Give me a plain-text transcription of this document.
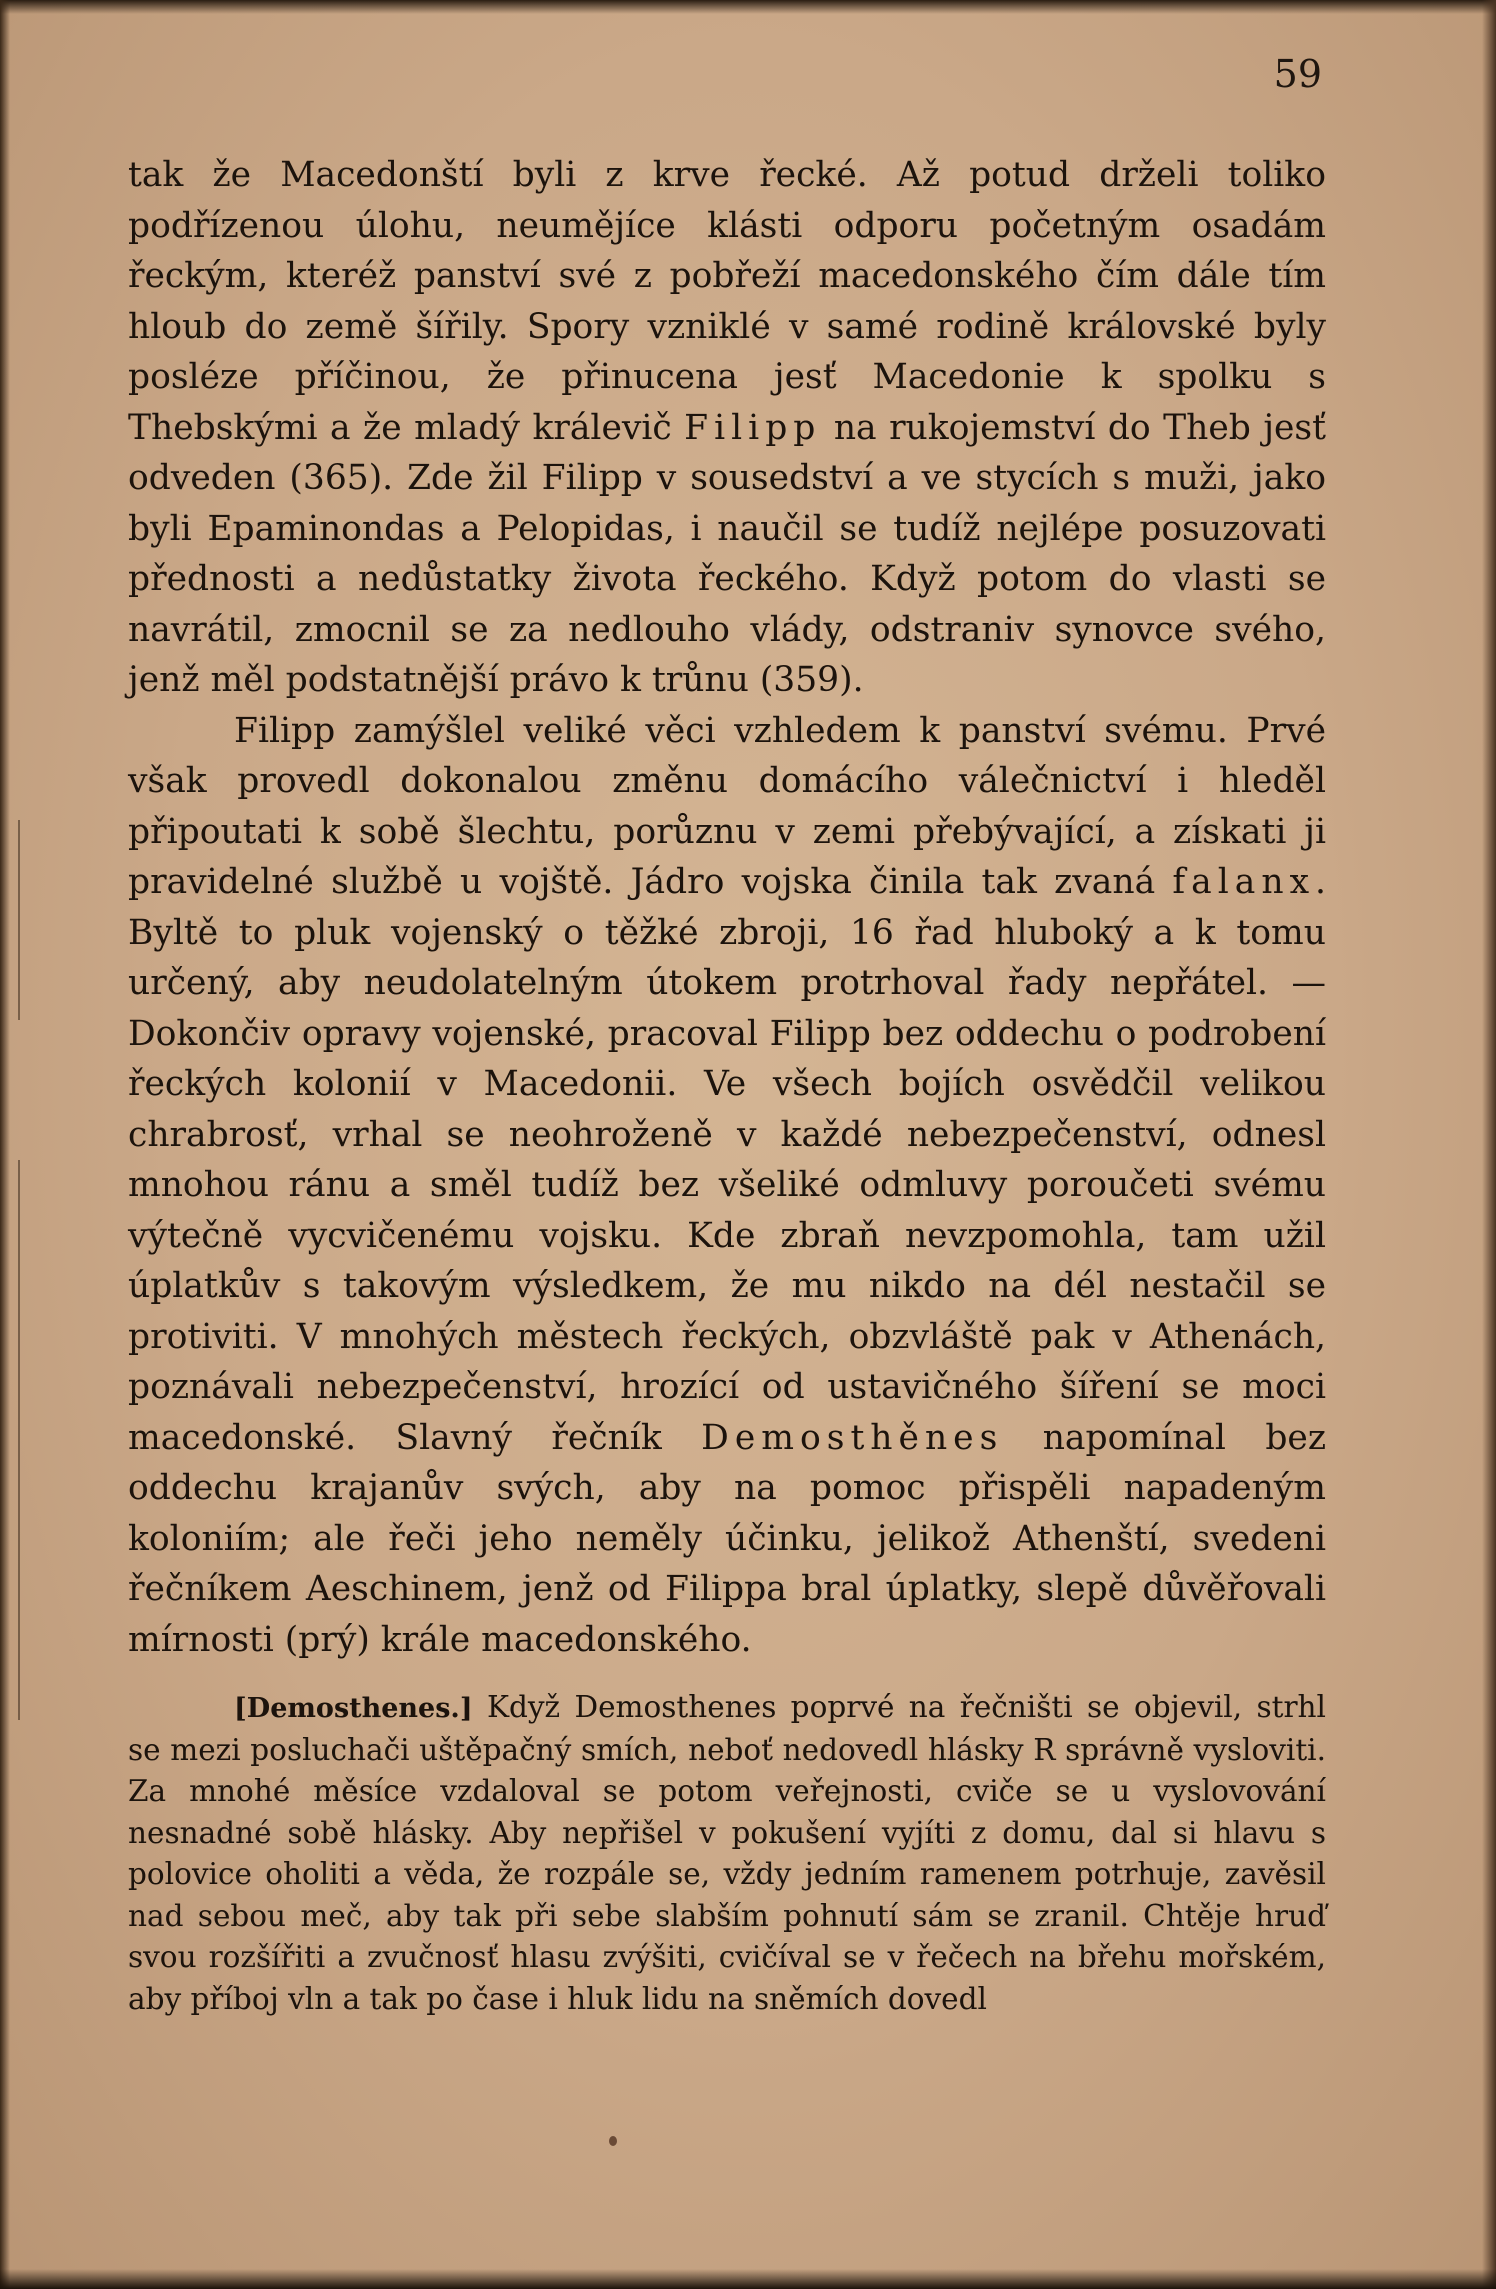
59

tak že Macedonští byli z krve řecké. Až potud drželi toliko podřízenou úlohu, neumějíce klásti odporu početným osadám řeckým, kteréž panství své z pobřeží macedonského čím dále tím hloub do země šířily. Spory vzniklé v samé rodině královské byly posléze příčinou, že přinucena jesť Macedonie k spolku s Thebskými a že mladý králevič Filipp na rukojemství do Theb jesť odveden (365). Zde žil Filipp v sousedství a ve stycích s muži, jako byli Epaminondas a Pelopidas, i naučil se tudíž nejlépe posuzovati přednosti a nedůstatky života řeckého. Když potom do vlasti se navrátil, zmocnil se za nedlouho vlády, odstraniv synovce svého, jenž měl podstatnější právo k trůnu (359).

Filipp zamýšlel veliké věci vzhledem k panství svému. Prvé však provedl dokonalou změnu domácího válečnictví i hleděl připoutati k sobě šlechtu, porůznu v zemi přebývající, a získati ji pravidelné službě u vojště. Jádro vojska činila tak zvaná falanx. Byltě to pluk vojenský o těžké zbroji, 16 řad hluboký a k tomu určený, aby neudolatelným útokem protrhoval řady nepřátel. — Dokončiv opravy vojenské, pracoval Filipp bez oddechu o podrobení řeckých kolonií v Macedonii. Ve všech bojích osvědčil velikou chrabrosť, vrhal se neohroženě v každé nebezpečenství, odnesl mnohou ránu a směl tudíž bez všeliké odmluvy poroučeti svému výtečně vycvičenému vojsku. Kde zbraň nevzpomohla, tam užil úplatkův s takovým výsledkem, že mu nikdo na dél nestačil se protiviti. V mnohých městech řeckých, obzvláště pak v Athenách, poznávali nebezpečenství, hrozící od ustavičného šíření se moci macedonské. Slavný řečník Demosthěnes napomínal bez oddechu krajanův svých, aby na pomoc přispěli napadeným koloniím; ale řeči jeho neměly účinku, jelikož Athenští, svedeni řečníkem Aeschinem, jenž od Filippa bral úplatky, slepě důvěřovali mírnosti (prý) krále macedonského.

[Demosthenes.] Když Demosthenes poprvé na řečništi se objevil, strhl se mezi posluchači uštěpačný smích, neboť nedovedl hlásky R správně vysloviti. Za mnohé měsíce vzdaloval se potom veřejnosti, cviče se u vyslovování nesnadné sobě hlásky. Aby nepřišel v pokušení vyjíti z domu, dal si hlavu s polovice oholiti a věda, že rozpále se, vždy jedním ramenem potrhuje, zavěsil nad sebou meč, aby tak při sebe slabším pohnutí sám se zranil. Chtěje hruď svou rozšířiti a zvučnosť hlasu zvýšiti, cvičíval se v řečech na břehu mořském, aby příboj vln a tak po čase i hluk lidu na sněmích dovedl
